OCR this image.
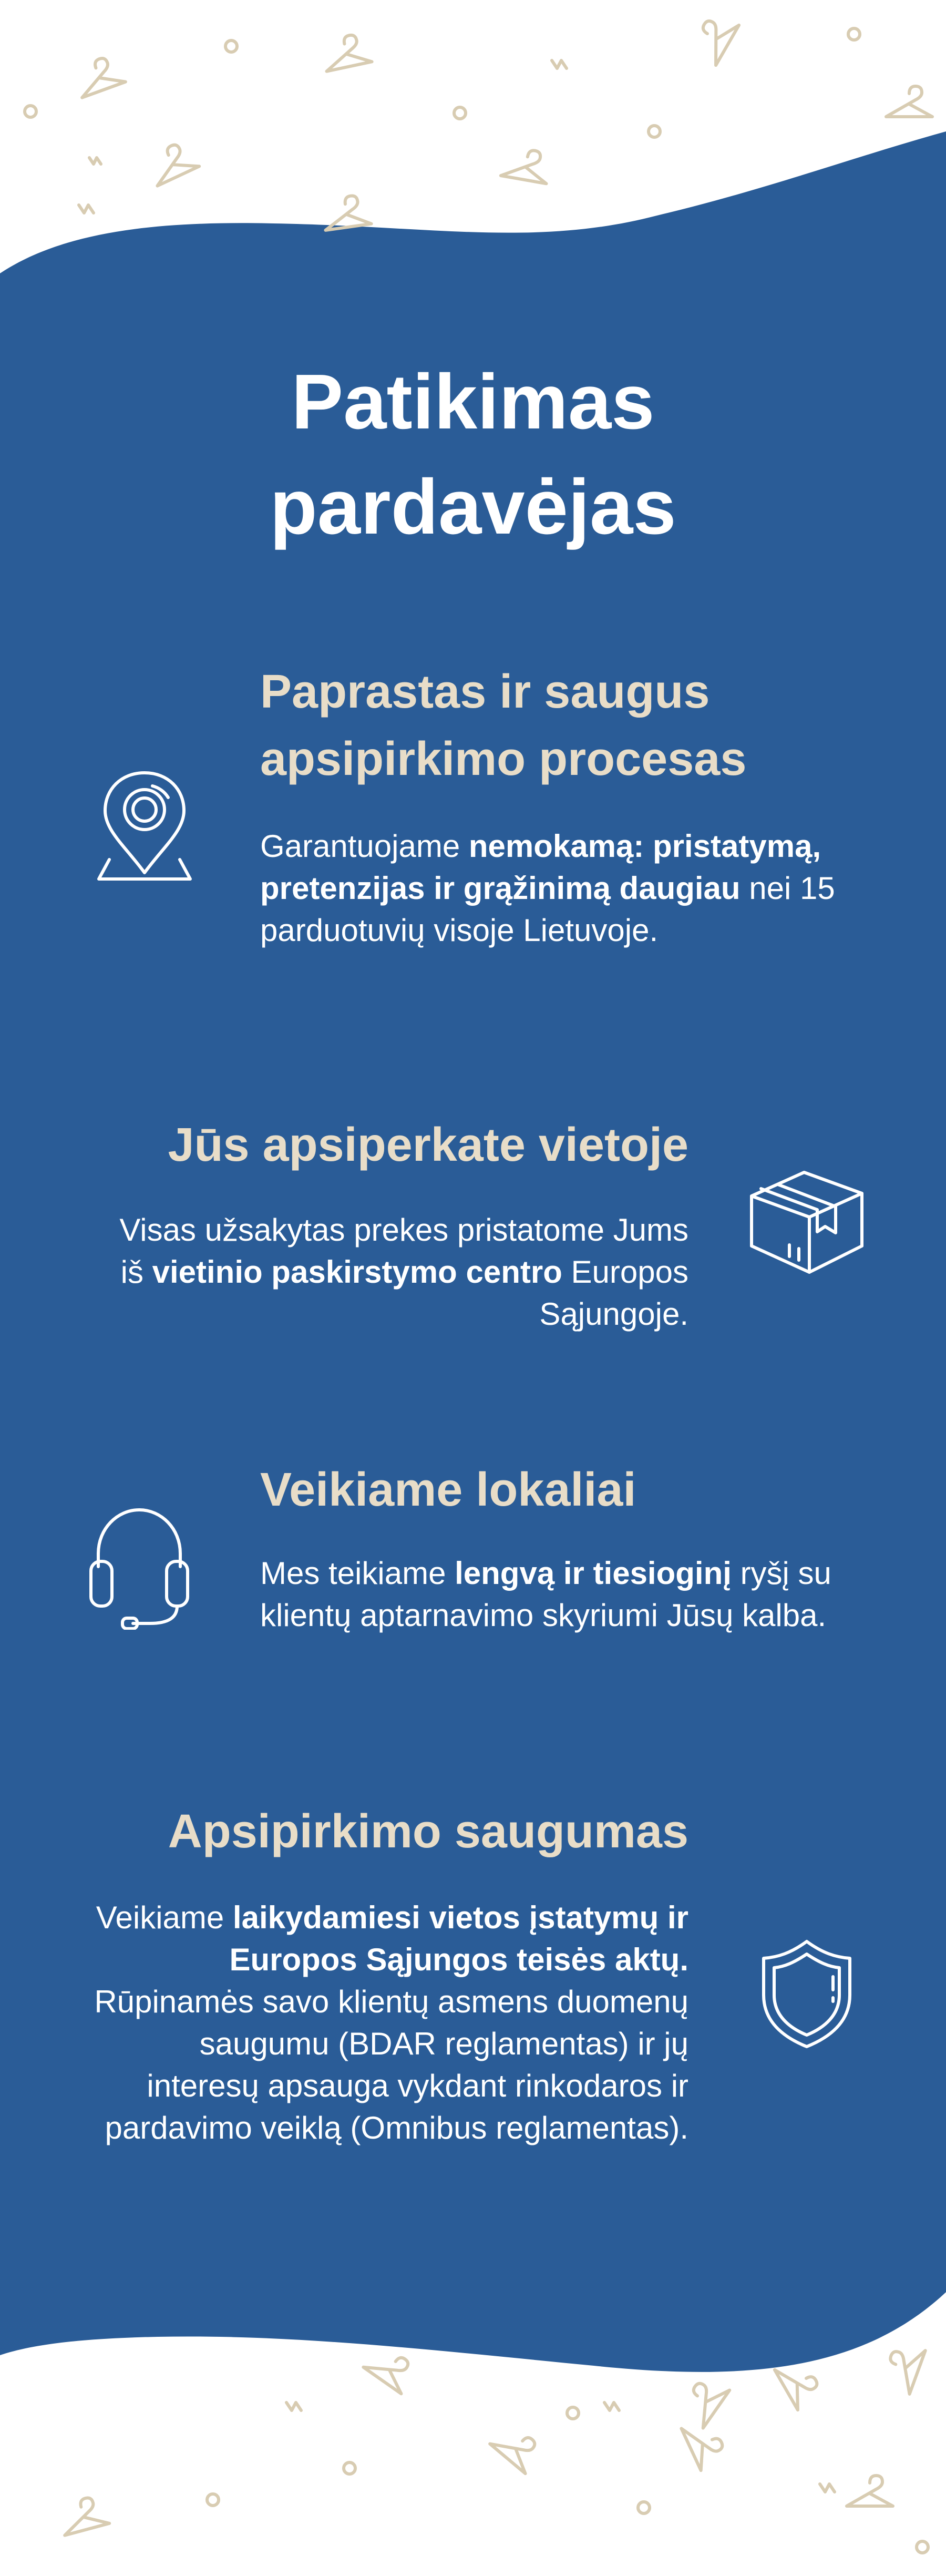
Patikimas
pardavėjas
Paprastas ir saugus
apsipirkimo procesas

Garantuojame nemokamą: pristatymą, pretenzijas ir grąžinimą daugiau nei 15 parduotuvių visoje Lietuvoje.

Jūs apsiperkate vietoje

Visas užsakytas prekes pristatome Jums iš vietinio paskirstymo centro Europos Sąjungoje.

Veikiame lokaliai

Mes teikiame lengvą ir tiesioginį ryšį su klientų aptarnavimo skyriumi Jūsų kalba.

Apsipirkimo saugumas

Veikiame laikydamiesi vietos įstatymų ir Europos Sąjungos teisės aktų. Rūpinamės savo klientų asmens duomenų saugumu (BDAR reglamentas) ir jų interesų apsauga vykdant rinkodaros ir pardavimo veiklą (Omnibus reglamentas).
